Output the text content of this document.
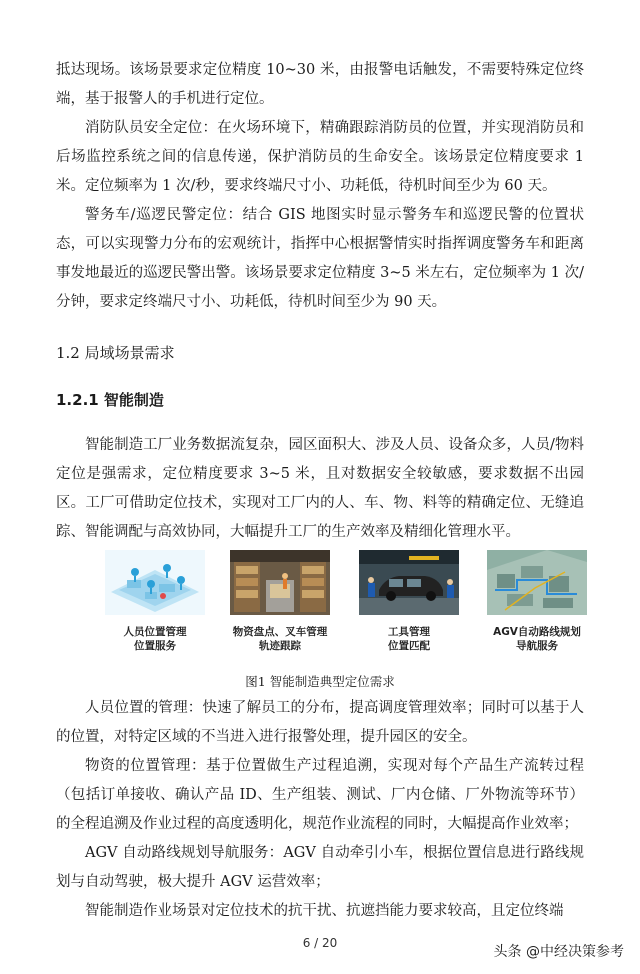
抵达现场。该场景要求定位精度 10~30 米，由报警电话触发，不需要特殊定位终端，基于报警人的手机进行定位。

消防队员安全定位：在火场环境下，精确跟踪消防员的位置，并实现消防员和后场监控系统之间的信息传递，保护消防员的生命安全。该场景定位精度要求 1 米。定位频率为 1 次/秒，要求终端尺寸小、功耗低，待机时间至少为 60 天。

警务车/巡逻民警定位：结合 GIS 地图实时显示警务车和巡逻民警的位置状态，可以实现警力分布的宏观统计，指挥中心根据警情实时指挥调度警务车和距离事发地最近的巡逻民警出警。该场景要求定位精度 3~5 米左右，定位频率为 1 次/分钟，要求定终端尺寸小、功耗低，待机时间至少为 90 天。

1.2 局域场景需求
1.2.1 智能制造

智能制造工厂业务数据流复杂，园区面积大、涉及人员、设备众多，人员/物料定位是强需求，定位精度要求 3~5 米，且对数据安全较敏感，要求数据不出园区。工厂可借助定位技术，实现对工厂内的人、车、物、料等的精确定位、无缝追踪、智能调配与高效协同，大幅提升工厂的生产效率及精细化管理水平。

人员位置管理
位置服务
物资盘点、叉车管理
轨迹跟踪
工具管理
位置匹配
AGV自动路线规划
导航服务
图1 智能制造典型定位需求

人员位置的管理：快速了解员工的分布，提高调度管理效率；同时可以基于人的位置，对特定区域的不当进入进行报警处理，提升园区的安全。

物资的位置管理：基于位置做生产过程追溯，实现对每个产品生产流转过程（包括订单接收、确认产品 ID、生产组装、测试、厂内仓储、厂外物流等环节）的全程追溯及作业过程的高度透明化，规范作业流程的同时，大幅提高作业效率；

AGV 自动路线规划导航服务：AGV 自动牵引小车，根据位置信息进行路线规划与自动驾驶，极大提升 AGV 运营效率；

智能制造作业场景对定位技术的抗干扰、抗遮挡能力要求较高，且定位终端

6 / 20
头条 @中经决策参考
